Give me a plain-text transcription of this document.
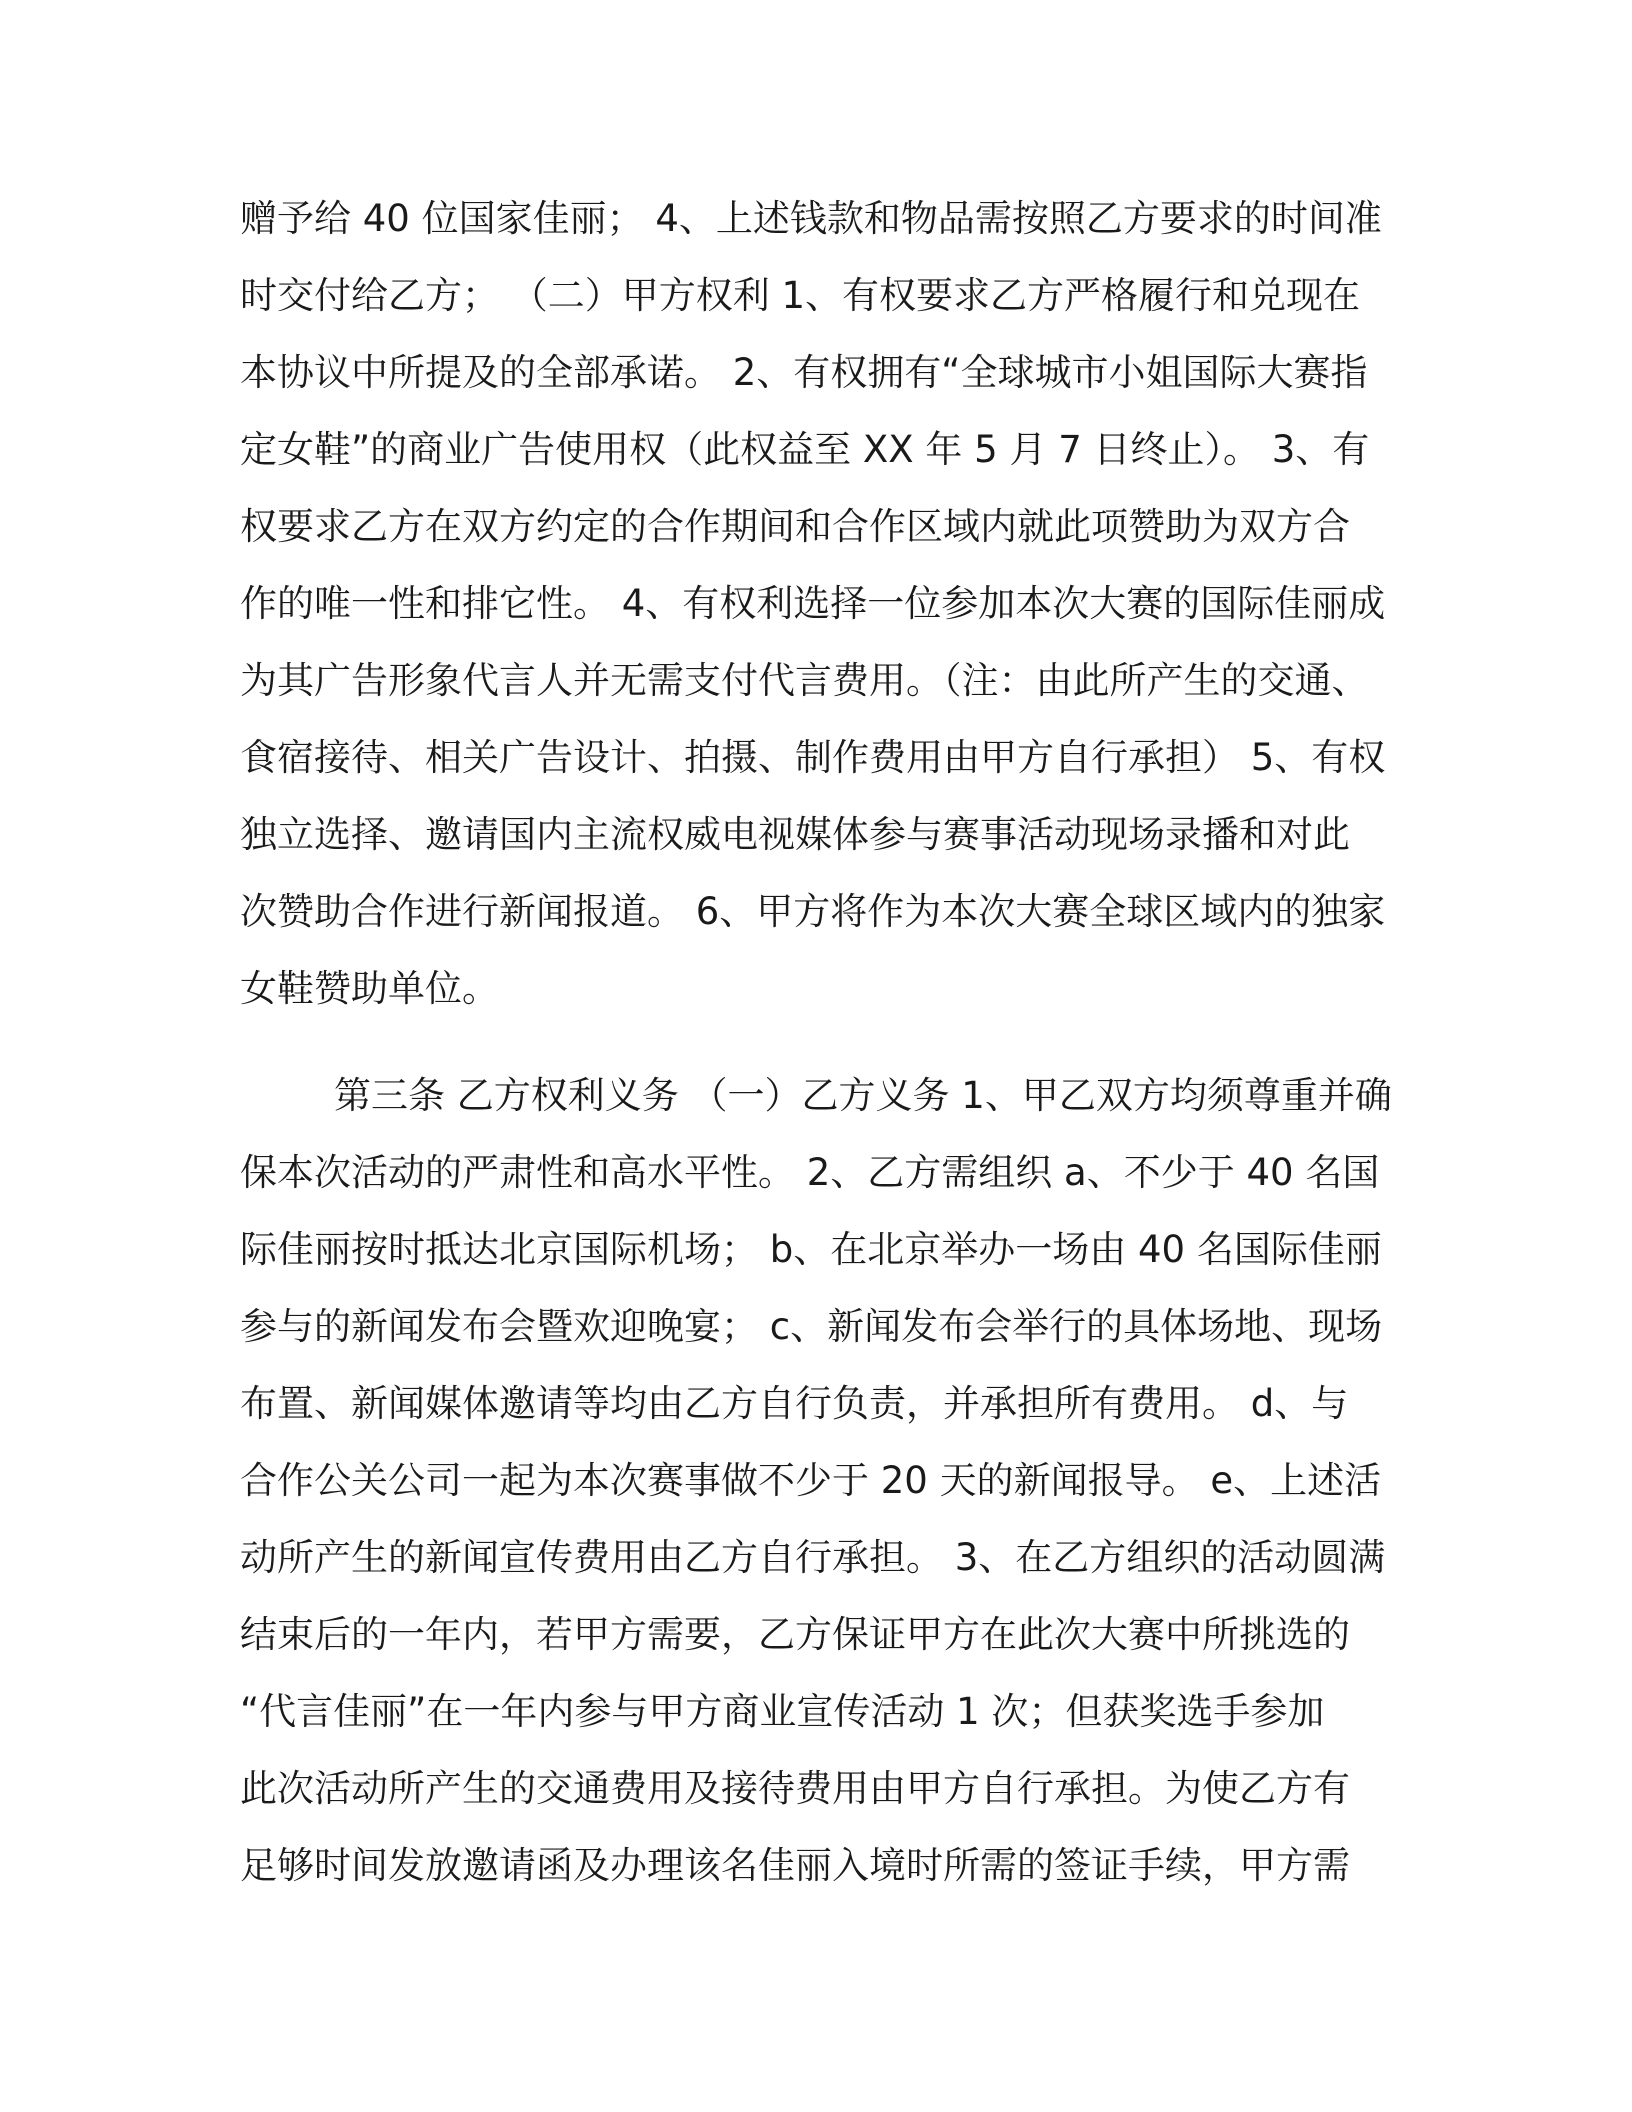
赠予给 40 位国家佳丽； 4、上述钱款和物品需按照乙方要求的时间准
时交付给乙方； （二）甲方权利 1、有权要求乙方严格履行和兑现在
本协议中所提及的全部承诺。 2、有权拥有“全球城市小姐国际大赛指
定女鞋”的商业广告使用权（此权益至 XX 年 5 月 7 日终止）。 3、有
权要求乙方在双方约定的合作期间和合作区域内就此项赞助为双方合
作的唯一性和排它性。 4、有权利选择一位参加本次大赛的国际佳丽成
为其广告形象代言人并无需支付代言费用。（注：由此所产生的交通、
食宿接待、相关广告设计、拍摄、制作费用由甲方自行承担） 5、有权
独立选择、邀请国内主流权威电视媒体参与赛事活动现场录播和对此
次赞助合作进行新闻报道。 6、甲方将作为本次大赛全球区域内的独家
女鞋赞助单位。
第三条 乙方权利义务 （一）乙方义务 1、甲乙双方均须尊重并确
保本次活动的严肃性和高水平性。 2、乙方需组织 a、不少于 40 名国
际佳丽按时抵达北京国际机场； b、在北京举办一场由 40 名国际佳丽
参与的新闻发布会暨欢迎晚宴； c、新闻发布会举行的具体场地、现场
布置、新闻媒体邀请等均由乙方自行负责，并承担所有费用。 d、与
合作公关公司一起为本次赛事做不少于 20 天的新闻报导。 e、上述活
动所产生的新闻宣传费用由乙方自行承担。 3、在乙方组织的活动圆满
结束后的一年内，若甲方需要，乙方保证甲方在此次大赛中所挑选的
“代言佳丽”在一年内参与甲方商业宣传活动 1 次；但获奖选手参加
此次活动所产生的交通费用及接待费用由甲方自行承担。为使乙方有
足够时间发放邀请函及办理该名佳丽入境时所需的签证手续，甲方需
